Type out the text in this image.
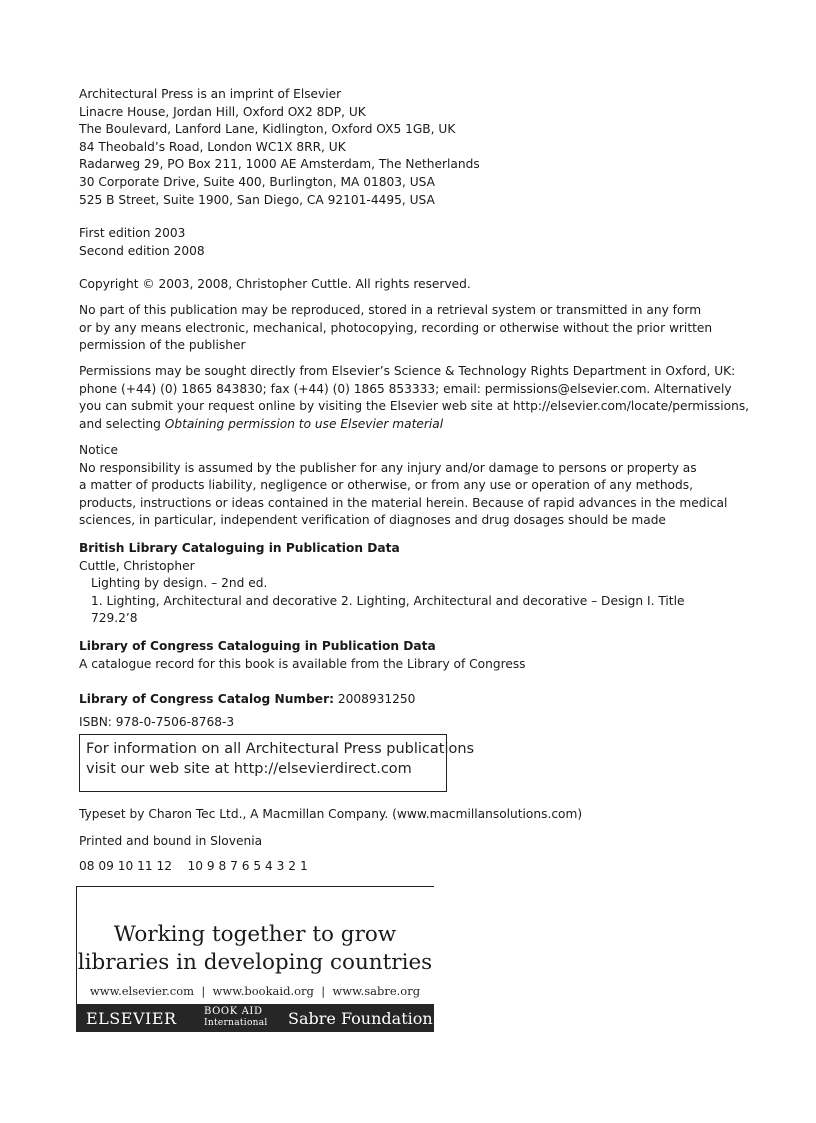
Architectural Press is an imprint of Elsevier
Linacre House, Jordan Hill, Oxford OX2 8DP, UK
The Boulevard, Lanford Lane, Kidlington, Oxford OX5 1GB, UK
84 Theobald’s Road, London WC1X 8RR, UK
Radarweg 29, PO Box 211, 1000 AE Amsterdam, The Netherlands
30 Corporate Drive, Suite 400, Burlington, MA 01803, USA
525 B Street, Suite 1900, San Diego, CA 92101-4495, USA
First edition 2003
Second edition 2008
Copyright © 2003, 2008, Christopher Cuttle. All rights reserved.
No part of this publication may be reproduced, stored in a retrieval system or transmitted in any form
or by any means electronic, mechanical, photocopying, recording or otherwise without the prior written
permission of the publisher
Permissions may be sought directly from Elsevier’s Science & Technology Rights Department in Oxford, UK:
phone (+44) (0) 1865 843830; fax (+44) (0) 1865 853333; email: permissions@elsevier.com. Alternatively
you can submit your request online by visiting the Elsevier web site at http://elsevier.com/locate/permissions,
and selecting Obtaining permission to use Elsevier material
Notice
No responsibility is assumed by the publisher for any injury and/or damage to persons or property as
a matter of products liability, negligence or otherwise, or from any use or operation of any methods,
products, instructions or ideas contained in the material herein. Because of rapid advances in the medical
sciences, in particular, independent verification of diagnoses and drug dosages should be made
British Library Cataloguing in Publication Data
Cuttle, Christopher
Lighting by design. – 2nd ed.
1. Lighting, Architectural and decorative 2. Lighting, Architectural and decorative – Design I. Title
729.2’8
Library of Congress Cataloguing in Publication Data
A catalogue record for this book is available from the Library of Congress
Library of Congress Catalog Number: 2008931250
ISBN: 978-0-7506-8768-3
For information on all Architectural Press publications
visit our web site at http://elsevierdirect.com
Typeset by Charon Tec Ltd., A Macmillan Company. (www.macmillansolutions.com)
Printed and bound in Slovenia
08 09 10 11 12    10 9 8 7 6 5 4 3 2 1
Working together to grow
libraries in developing countries
www.elsevier.com  |  www.bookaid.org  |  www.sabre.org
ELSEVIER	BOOK AID
International Sabre Foundation
